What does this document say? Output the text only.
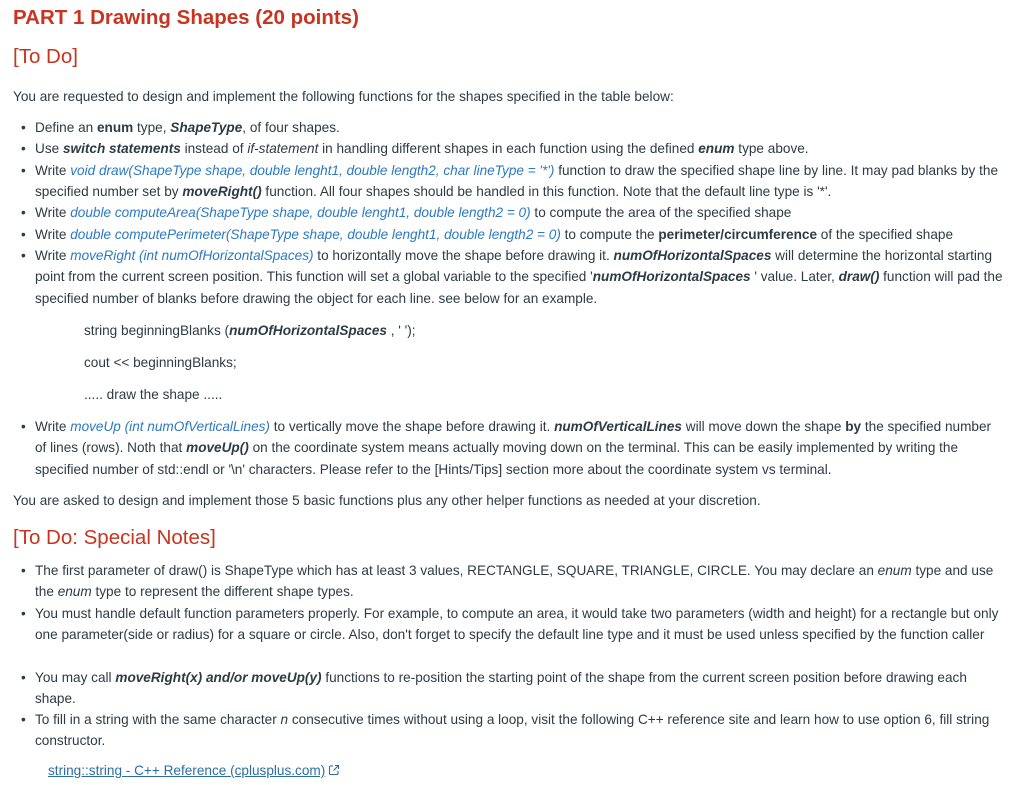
PART 1 Drawing Shapes (20 points)
[To Do]

You are requested to design and implement the following functions for the shapes specified in the table below:

• Define an enum type, ShapeType, of four shapes.
• Use switch statements instead of if-statement in handling different shapes in each function using the defined enum type above.
• Write void draw(ShapeType shape, double lenght1, double length2, char lineType = '*') function to draw the specified shape line by line. It may pad blanks by the specified number set by moveRight() function. All four shapes should be handled in this function. Note that the default line type is '*'.
• Write double computeArea(ShapeType shape, double lenght1, double length2 = 0) to compute the area of the specified shape
• Write double computePerimeter(ShapeType shape, double lenght1, double length2 = 0) to compute the perimeter/circumference of the specified shape
• Write moveRight (int numOfHorizontalSpaces) to horizontally move the shape before drawing it. numOfHorizontalSpaces will determine the horizontal starting point from the current screen position. This function will set a global variable to the specified 'numOfHorizontalSpaces ' value. Later, draw() function will pad the specified number of blanks before drawing the object for each line. see below for an example.

string beginningBlanks (numOfHorizontalSpaces , ' ');

cout << beginningBlanks;

..... draw the shape .....

• Write moveUp (int numOfVerticalLines) to vertically move the shape before drawing it. numOfVerticalLines will move down the shape by the specified number of lines (rows). Noth that moveUp() on the coordinate system means actually moving down on the terminal. This can be easily implemented by writing the specified number of std::endl or '\n' characters. Please refer to the [Hints/Tips] section more about the coordinate system vs terminal.

You are asked to design and implement those 5 basic functions plus any other helper functions as needed at your discretion.

[To Do: Special Notes]
• The first parameter of draw() is ShapeType which has at least 3 values, RECTANGLE, SQUARE, TRIANGLE, CIRCLE. You may declare an enum type and use the enum type to represent the different shape types.
• You must handle default function parameters properly. For example, to compute an area, it would take two parameters (width and height) for a rectangle but only one parameter(side or radius) for a square or circle. Also, don't forget to specify the default line type and it must be used unless specified by the function caller
• You may call moveRight(x) and/or moveUp(y) functions to re-position the starting point of the shape from the current screen position before drawing each shape.
• To fill in a string with the same character n consecutive times without using a loop, visit the following C++ reference site and learn how to use option 6, fill string constructor.
string::string - C++ Reference (cplusplus.com)
